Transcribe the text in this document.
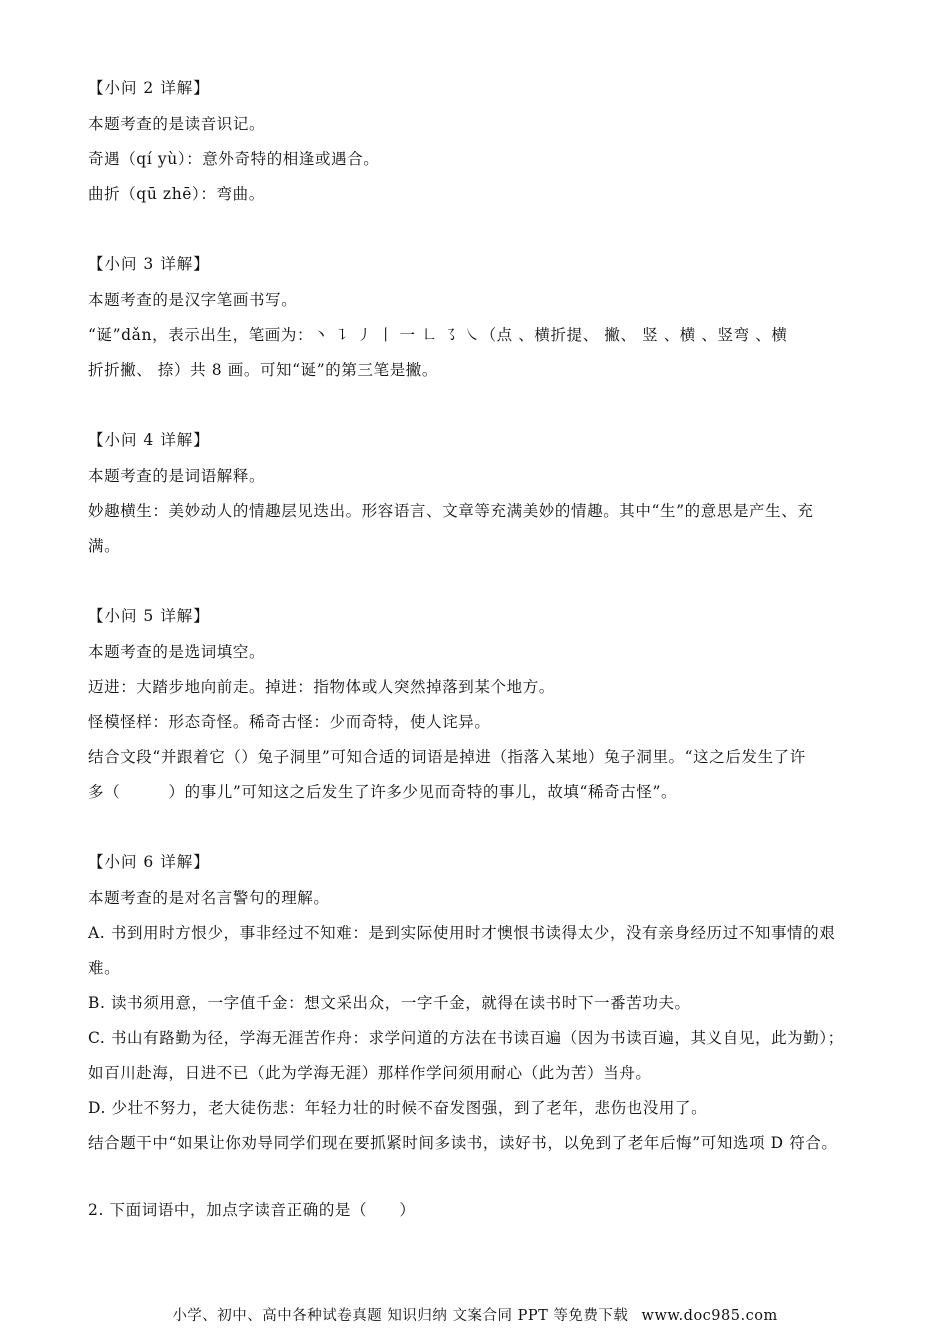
【小问 2 详解】
本题考查的是读音识记。
奇遇（qí yù）：意外奇特的相逢或遇合。
曲折（qū zhē）：弯曲。
【小问 3 详解】
本题考查的是汉字笔画书写。
“诞”dǎn，表示出生，笔画为：丶 ㇊ ㇓ 丨 一 ㇗ ㇌ ㇏（点 、横折提、 撇、 竖 、横 、竖弯 、横
折折撇、 捺）共 8 画。可知“诞”的第三笔是撇。
【小问 4 详解】
本题考查的是词语解释。
妙趣横生：美妙动人的情趣层见迭出。形容语言、文章等充满美妙的情趣。其中“生”的意思是产生、充
满。
【小问 5 详解】
本题考查的是选词填空。
迈进：大踏步地向前走。掉进：指物体或人突然掉落到某个地方。
怪模怪样：形态奇怪。稀奇古怪：少而奇特，使人诧异。
结合文段“并跟着它（）兔子洞里”可知合适的词语是掉进（指落入某地）兔子洞里。“这之后发生了许
多（　　　）的事儿”可知这之后发生了许多少见而奇特的事儿，故填“稀奇古怪”。
【小问 6 详解】
本题考查的是对名言警句的理解。
A. 书到用时方恨少，事非经过不知难：是到实际使用时才懊恨书读得太少，没有亲身经历过不知事情的艰
难。
B. 读书须用意，一字值千金：想文采出众，一字千金，就得在读书时下一番苦功夫。
C. 书山有路勤为径，学海无涯苦作舟：求学问道的方法在书读百遍（因为书读百遍，其义自见，此为勤）；
如百川赴海，日进不已（此为学海无涯）那样作学问须用耐心（此为苦）当舟。
D. 少壮不努力，老大徒伤悲：年轻力壮的时候不奋发图强，到了老年，悲伤也没用了。
结合题干中“如果让你劝导同学们现在要抓紧时间多读书，读好书，以免到了老年后悔”可知选项 D 符合。
2. 下面词语中，加点字读音正确的是（　　）
小学、初中、高中各种试卷真题 知识归纳 文案合同 PPT 等免费下载 www.doc985.com
